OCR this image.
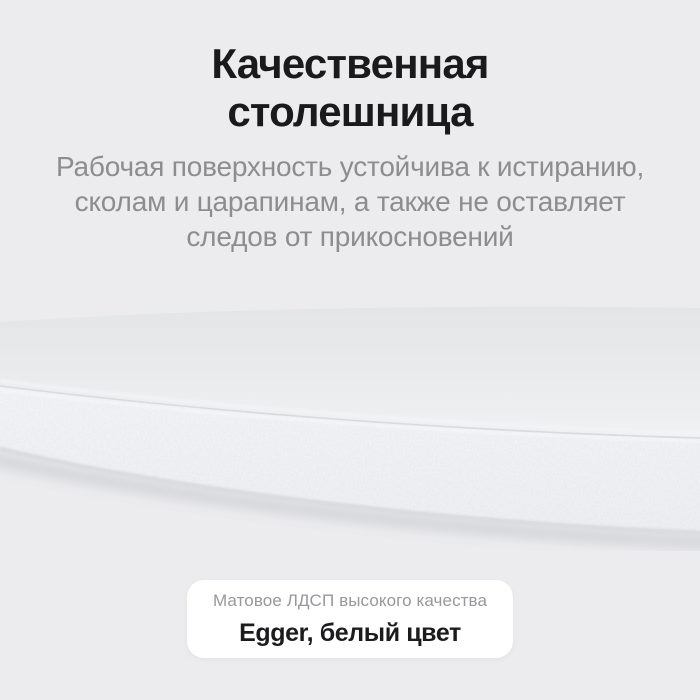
Качественная
столешница

Рабочая поверхность устойчива к истиранию,
сколам и царапинам, а также не оставляет
следов от прикосновений

Матовое ЛДСП высокого качества
Egger, белый цвет
